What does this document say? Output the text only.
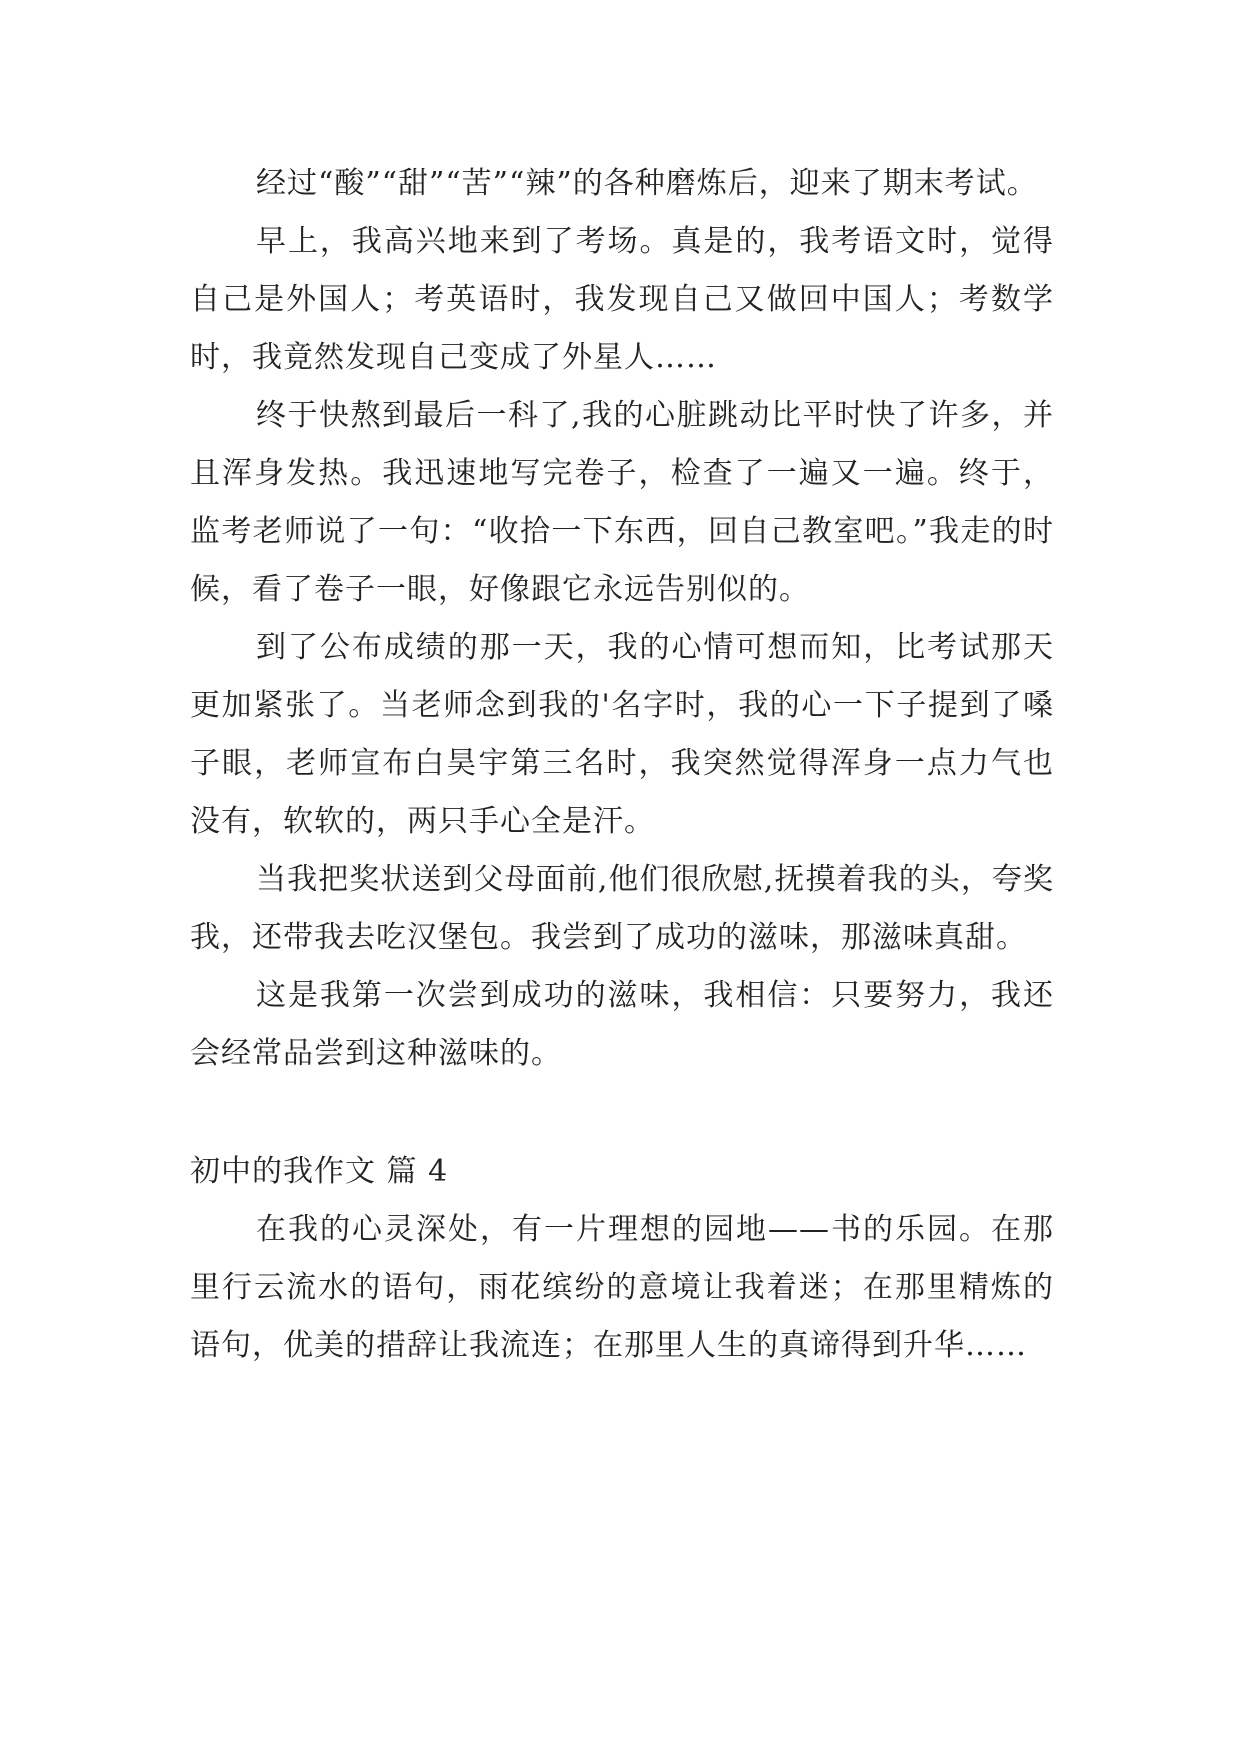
经过“酸”“甜”“苦”“辣”的各种磨炼后，迎来了期末考试。

早上，我高兴地来到了考场。真是的，我考语文时，觉得自己是外国人；考英语时，我发现自己又做回中国人；考数学时，我竟然发现自己变成了外星人……

终于快熬到最后一科了,我的心脏跳动比平时快了许多，并且浑身发热。我迅速地写完卷子，检查了一遍又一遍。终于，监考老师说了一句：“收拾一下东西，回自己教室吧。”我走的时候，看了卷子一眼，好像跟它永远告别似的。

到了公布成绩的那一天，我的心情可想而知，比考试那天更加紧张了。当老师念到我的'名字时，我的心一下子提到了嗓子眼，老师宣布白昊宇第三名时，我突然觉得浑身一点力气也没有，软软的，两只手心全是汗。

当我把奖状送到父母面前,他们很欣慰,抚摸着我的头，夸奖我，还带我去吃汉堡包。我尝到了成功的滋味，那滋味真甜。

这是我第一次尝到成功的滋味，我相信：只要努力，我还会经常品尝到这种滋味的。

初中的我作文 篇 4

在我的心灵深处，有一片理想的园地——书的乐园。在那里行云流水的语句，雨花缤纷的意境让我着迷；在那里精炼的语句，优美的措辞让我流连；在那里人生的真谛得到升华……
